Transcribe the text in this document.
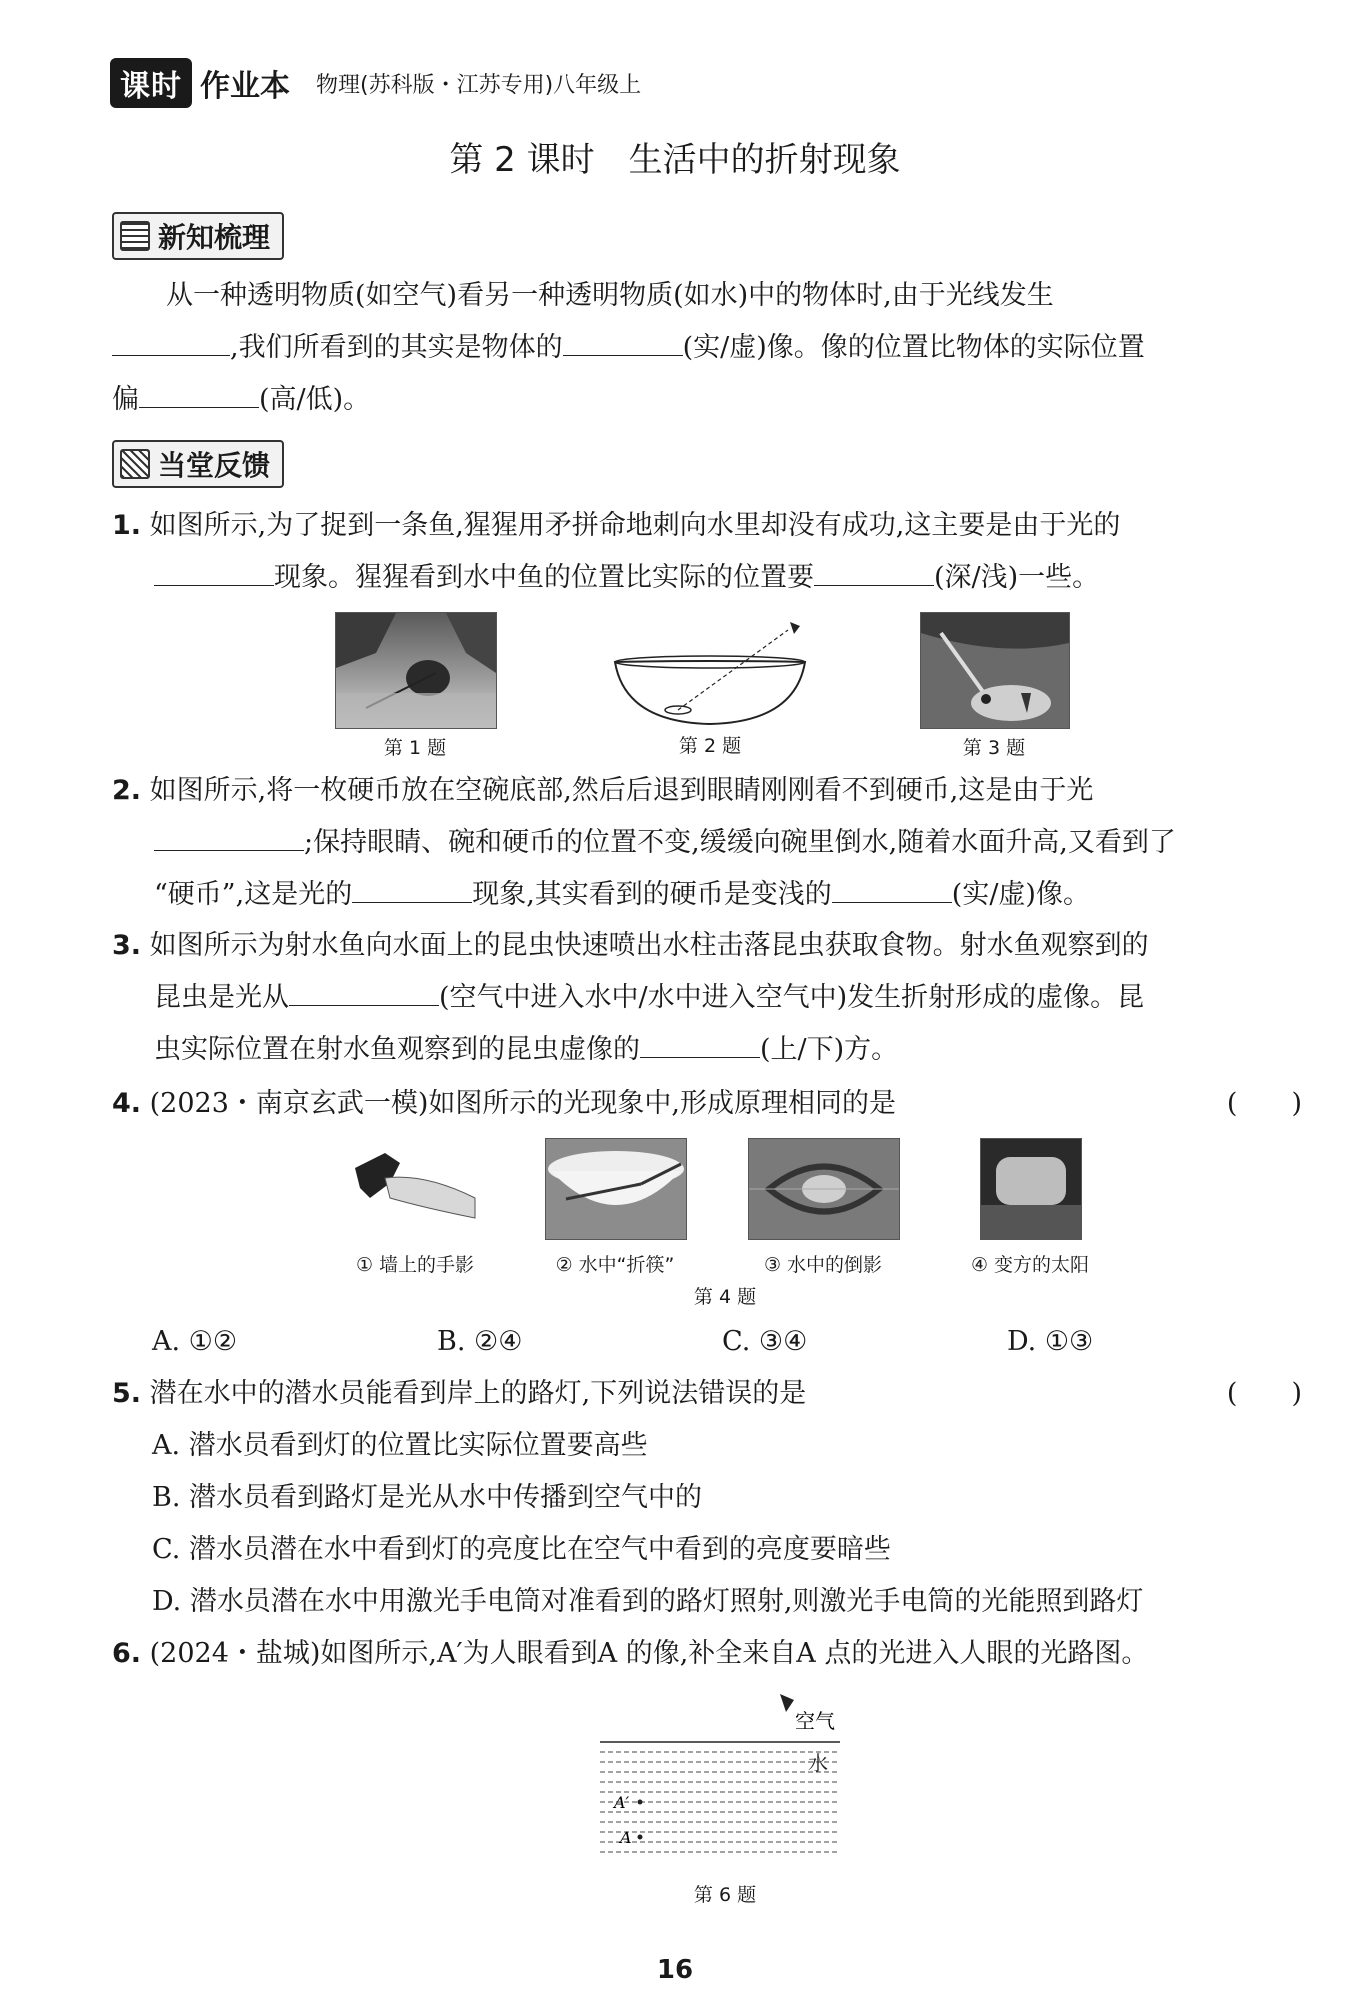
课时 作业本 物理(苏科版・江苏专用)八年级上
第 2 课时　生活中的折射现象
新知梳理
从一种透明物质(如空气)看另一种透明物质(如水)中的物体时,由于光线发生
,我们所看到的其实是物体的	(实/虚)像。像的位置比物体的实际位置
偏	(高/低)。
当堂反馈
1. 如图所示,为了捉到一条鱼,猩猩用矛拼命地刺向水里却没有成功,这主要是由于光的
现象。猩猩看到水中鱼的位置比实际的位置要	(深/浅)一些。
第 1 题	第 2 题	第 3 题
2. 如图所示,将一枚硬币放在空碗底部,然后后退到眼睛刚刚看不到硬币,这是由于光
;保持眼睛、碗和硬币的位置不变,缓缓向碗里倒水,随着水面升高,又看到了
“硬币”,这是光的	现象,其实看到的硬币是变浅的	(实/虚)像。
3. 如图所示为射水鱼向水面上的昆虫快速喷出水柱击落昆虫获取食物。射水鱼观察到的
昆虫是光从	(空气中进入水中/水中进入空气中)发生折射形成的虚像。昆
虫实际位置在射水鱼观察到的昆虫虚像的	(上/下)方。
4. (2023・南京玄武一模)如图所示的光现象中,形成原理相同的是	(　　)
① 墙上的手影	② 水中“折筷”	③ 水中的倒影	④ 变方的太阳
第 4 题
A. ①②	B. ②④	C. ③④	D. ①③
5. 潜在水中的潜水员能看到岸上的路灯,下列说法错误的是	(　　)
A. 潜水员看到灯的位置比实际位置要高些
B. 潜水员看到路灯是光从水中传播到空气中的
C. 潜水员潜在水中看到灯的亮度比在空气中看到的亮度要暗些
D. 潜水员潜在水中用激光手电筒对准看到的路灯照射,则激光手电筒的光能照到路灯
6. (2024・盐城)如图所示,A′为人眼看到A 的像,补全来自A 点的光进入人眼的光路图。
空气
水
A′
A
第 6 题
16
